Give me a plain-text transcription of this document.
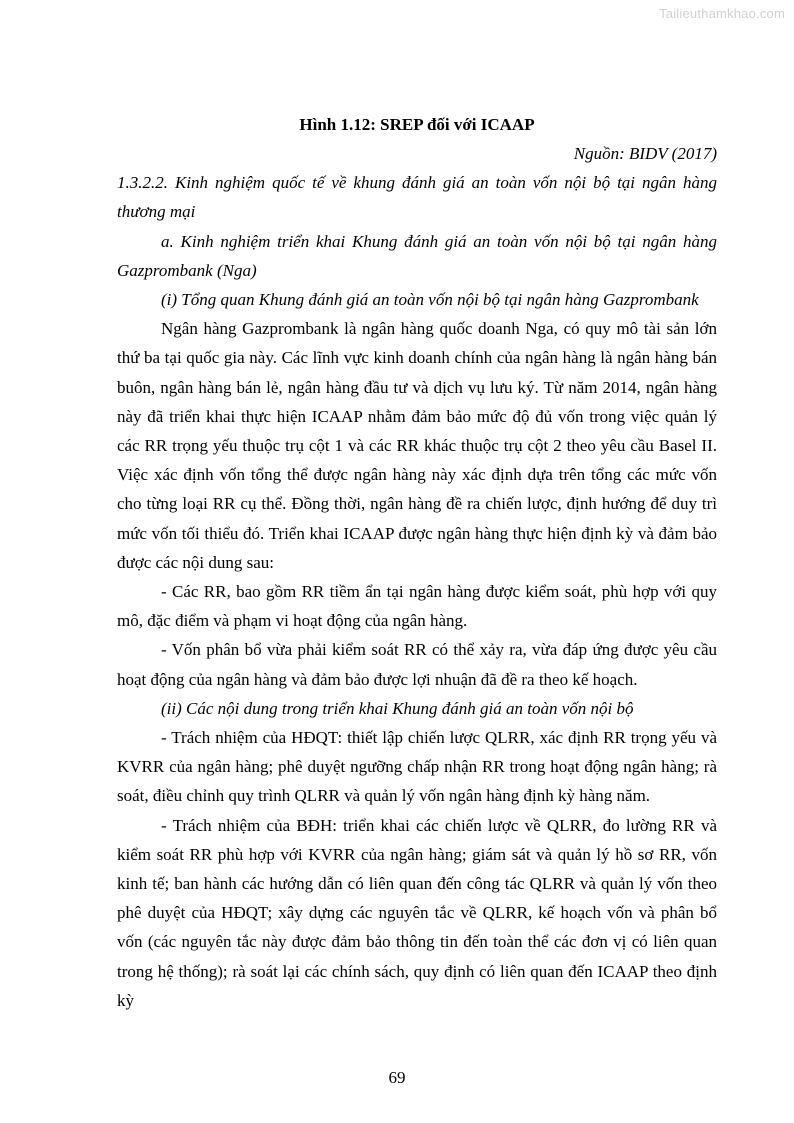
Tailieuthamkhao.com

Hình 1.12: SREP đối với ICAAP

Nguồn: BIDV (2017)

1.3.2.2. Kinh nghiệm quốc tế về khung đánh giá an toàn vốn nội bộ tại ngân hàng thương mại

a. Kinh nghiệm triển khai Khung đánh giá an toàn vốn nội bộ tại ngân hàng Gazprombank (Nga)

(i) Tổng quan Khung đánh giá an toàn vốn nội bộ tại ngân hàng Gazprombank

Ngân hàng Gazprombank là ngân hàng quốc doanh Nga, có quy mô tài sản lớn thứ ba tại quốc gia này. Các lĩnh vực kinh doanh chính của ngân hàng là ngân hàng bán buôn, ngân hàng bán lẻ, ngân hàng đầu tư và dịch vụ lưu ký. Từ năm 2014, ngân hàng này đã triển khai thực hiện ICAAP nhằm đảm bảo mức độ đủ vốn trong việc quản lý các RR trọng yếu thuộc trụ cột 1 và các RR khác thuộc trụ cột 2 theo yêu cầu Basel II. Việc xác định vốn tổng thể được ngân hàng này xác định dựa trên tổng các mức vốn cho từng loại RR cụ thể. Đồng thời, ngân hàng đề ra chiến lược, định hướng để duy trì mức vốn tối thiểu đó. Triển khai ICAAP được ngân hàng thực hiện định kỳ và đảm bảo được các nội dung sau:

- Các RR, bao gồm RR tiềm ẩn tại ngân hàng được kiểm soát, phù hợp với quy mô, đặc điểm và phạm vi hoạt động của ngân hàng.

- Vốn phân bổ vừa phải kiểm soát RR có thể xảy ra, vừa đáp ứng được yêu cầu hoạt động của ngân hàng và đảm bảo được lợi nhuận đã đề ra theo kế hoạch.

(ii) Các nội dung trong triển khai Khung đánh giá an toàn vốn nội bộ

- Trách nhiệm của HĐQT: thiết lập chiến lược QLRR, xác định RR trọng yếu và KVRR của ngân hàng; phê duyệt ngưỡng chấp nhận RR trong hoạt động ngân hàng; rà soát, điều chỉnh quy trình QLRR và quản lý vốn ngân hàng định kỳ hàng năm.

- Trách nhiệm của BĐH: triển khai các chiến lược về QLRR, đo lường RR và kiểm soát RR phù hợp với KVRR của ngân hàng; giám sát và quản lý hồ sơ RR, vốn kinh tế; ban hành các hướng dẫn có liên quan đến công tác QLRR và quản lý vốn theo phê duyệt của HĐQT; xây dựng các nguyên tắc về QLRR, kế hoạch vốn và phân bổ vốn (các nguyên tắc này được đảm bảo thông tin đến toàn thể các đơn vị có liên quan trong hệ thống); rà soát lại các chính sách, quy định có liên quan đến ICAAP theo định kỳ

69
